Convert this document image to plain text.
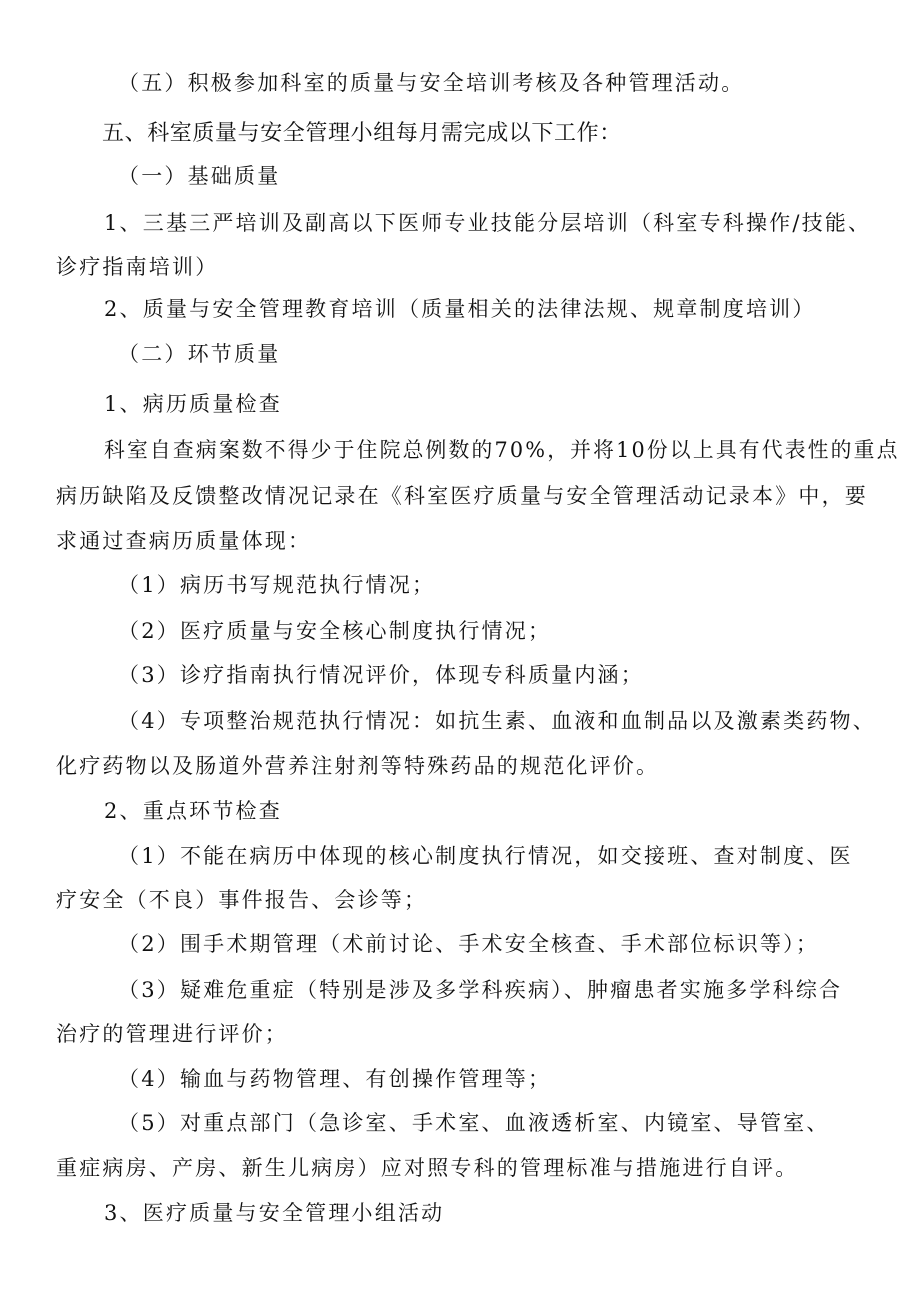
（五）积极参加科室的质量与安全培训考核及各种管理活动。
五、科室质量与安全管理小组每月需完成以下工作：
（一）基础质量
1、三基三严培训及副高以下医师专业技能分层培训（科室专科操作/技能、
诊疗指南培训）
2、质量与安全管理教育培训（质量相关的法律法规、规章制度培训）
（二）环节质量
1、病历质量检查
科室自查病案数不得少于住院总例数的70%，并将10份以上具有代表性的重点
病历缺陷及反馈整改情况记录在《科室医疗质量与安全管理活动记录本》中，要
求通过查病历质量体现：
（1）病历书写规范执行情况；
（2）医疗质量与安全核心制度执行情况；
（3）诊疗指南执行情况评价，体现专科质量内涵；
（4）专项整治规范执行情况：如抗生素、血液和血制品以及激素类药物、
化疗药物以及肠道外营养注射剂等特殊药品的规范化评价。
2、重点环节检查
（1）不能在病历中体现的核心制度执行情况，如交接班、查对制度、医
疗安全（不良）事件报告、会诊等；
（2）围手术期管理（术前讨论、手术安全核查、手术部位标识等）；
（3）疑难危重症（特别是涉及多学科疾病）、肿瘤患者实施多学科综合
治疗的管理进行评价；
（4）输血与药物管理、有创操作管理等；
（5）对重点部门（急诊室、手术室、血液透析室、内镜室、导管室、
重症病房、产房、新生儿病房）应对照专科的管理标准与措施进行自评。
3、医疗质量与安全管理小组活动
